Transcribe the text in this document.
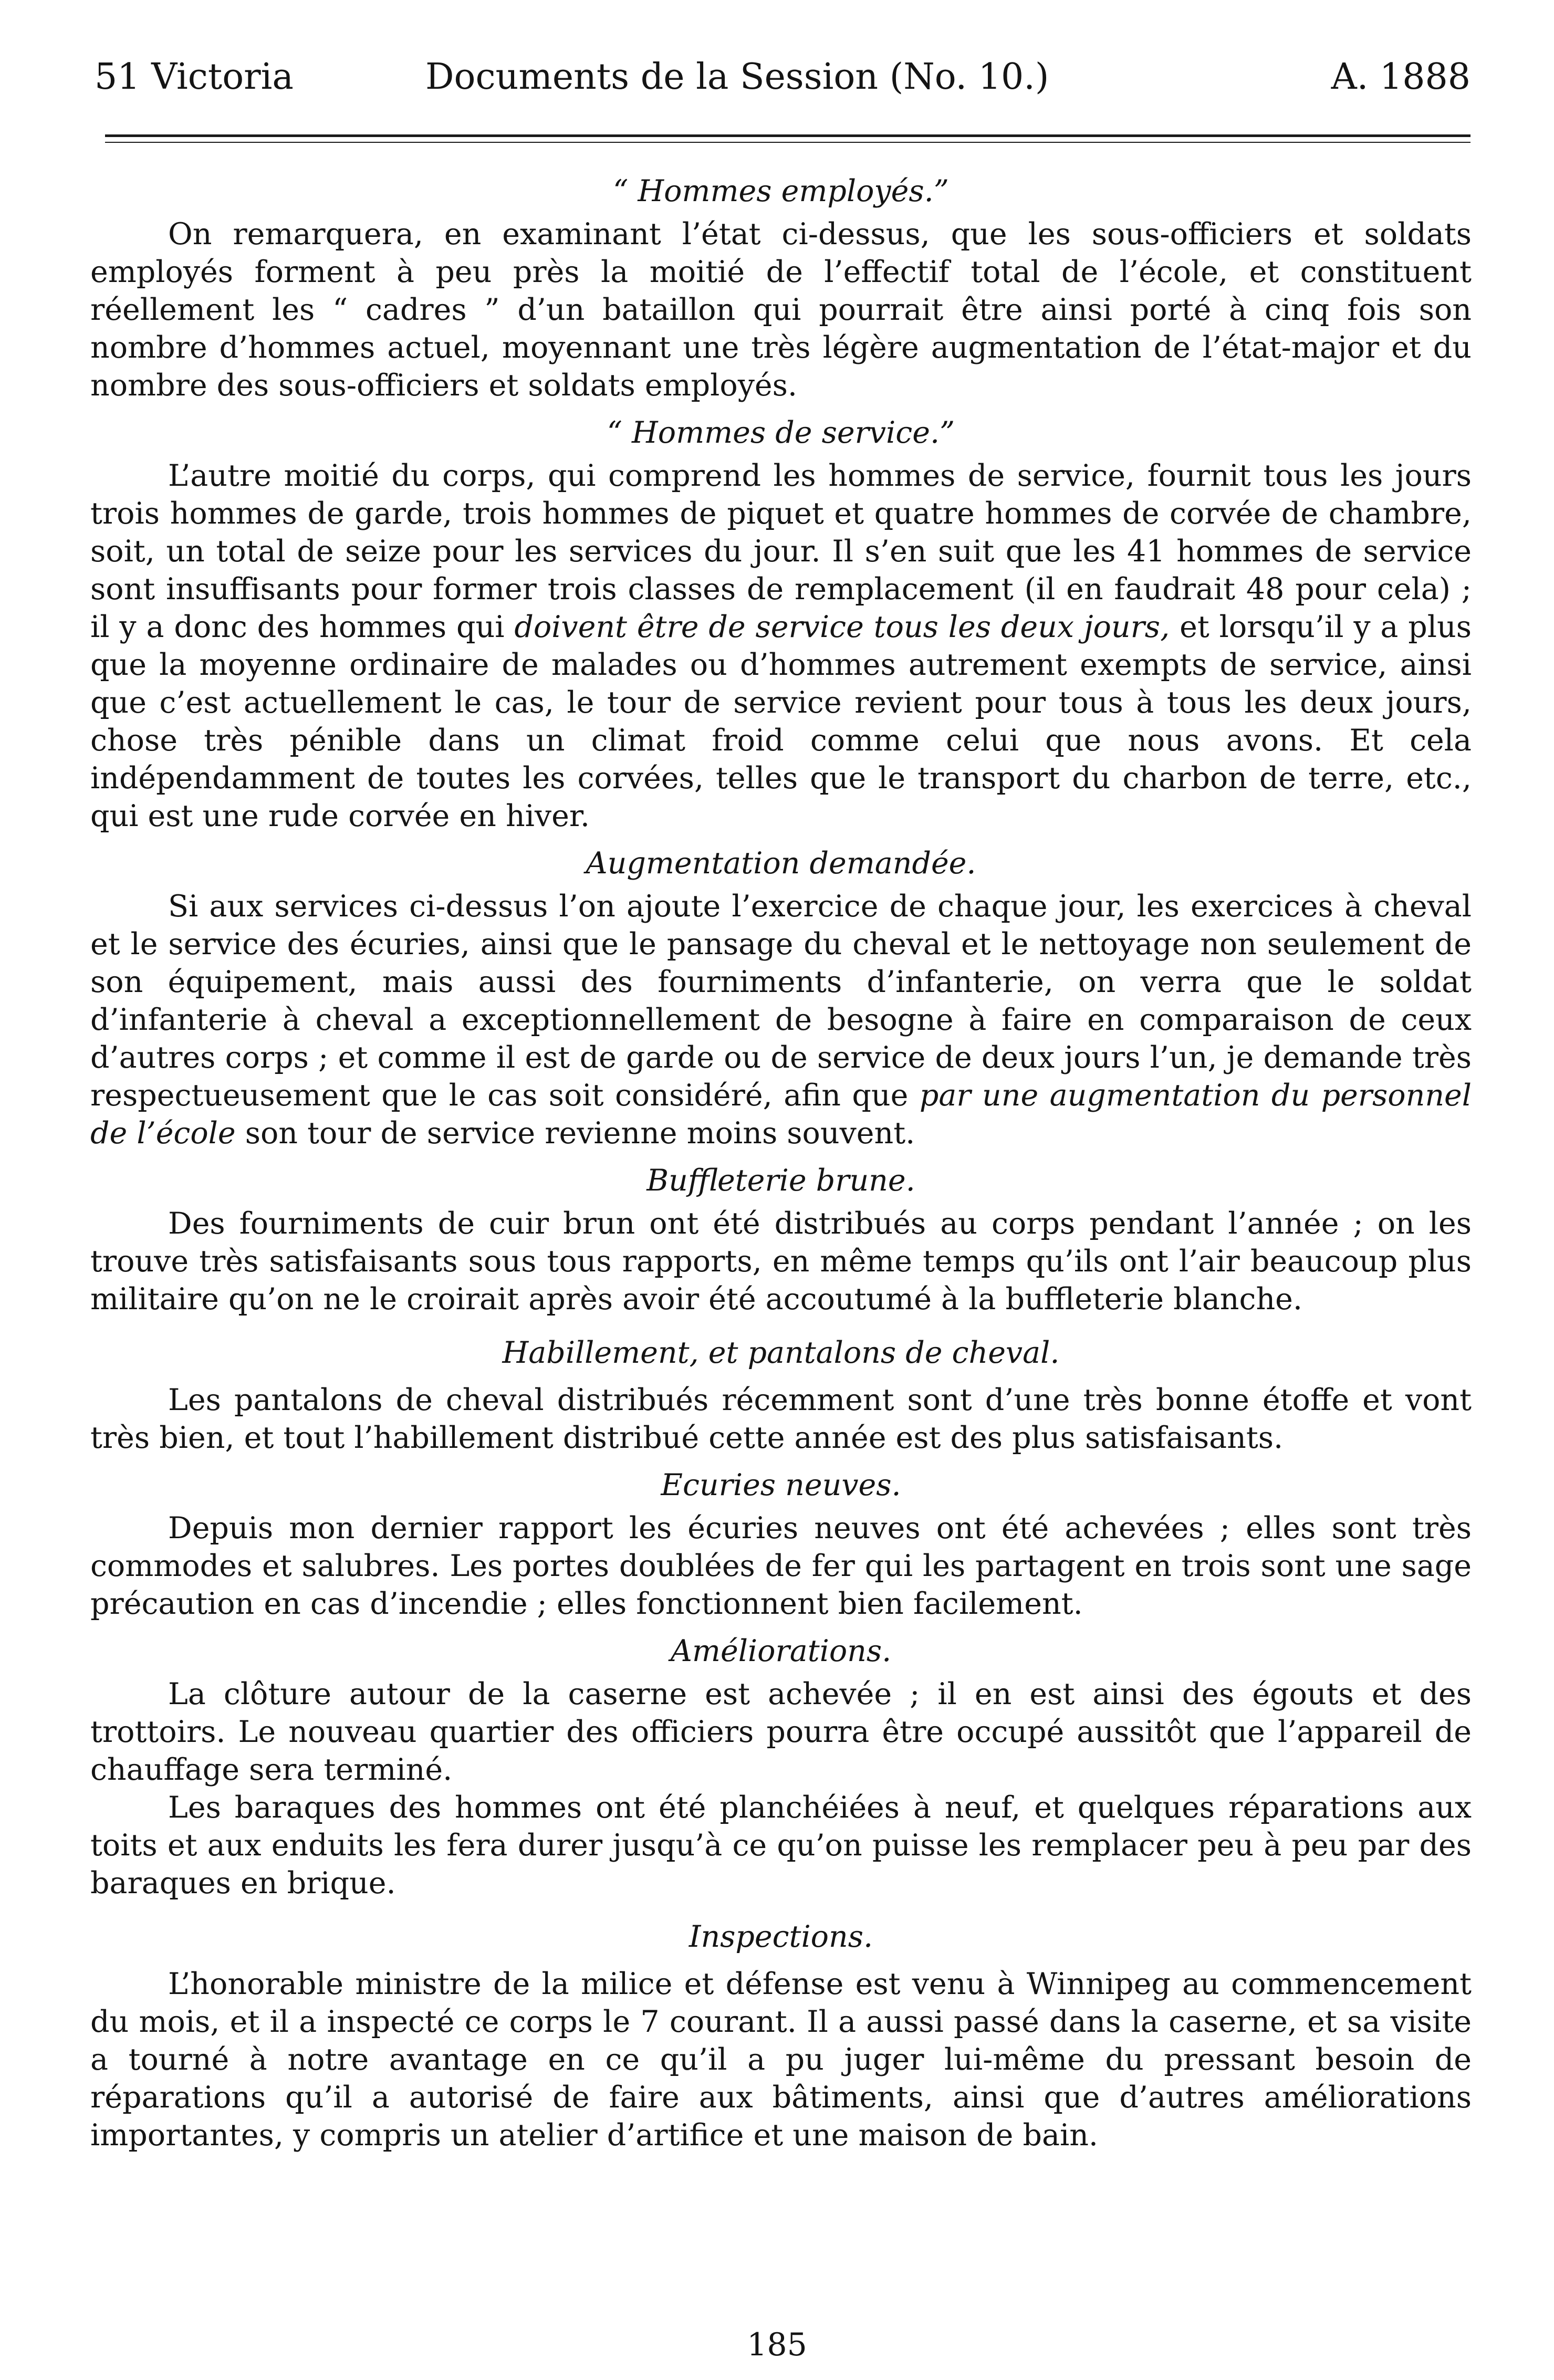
51 Victoria	Documents de la Session (No. 10.)	A. 1888
“ Hommes employés.”

On remarquera, en examinant l’état ci-dessus, que les sous-officiers et soldats employés forment à peu près la moitié de l’effectif total de l’école, et constituent réellement les “ cadres ” d’un bataillon qui pourrait être ainsi porté à cinq fois son nombre d’hommes actuel, moyennant une très légère augmentation de l’état-major et du nombre des sous-officiers et soldats employés.

“ Hommes de service.”

L’autre moitié du corps, qui comprend les hommes de service, fournit tous les jours trois hommes de garde, trois hommes de piquet et quatre hommes de corvée de chambre, soit, un total de seize pour les services du jour. Il s’en suit que les 41 hommes de service sont insuffisants pour former trois classes de remplacement (il en faudrait 48 pour cela) ; il y a donc des hommes qui doivent être de service tous les deux jours, et lorsqu’il y a plus que la moyenne ordinaire de malades ou d’hommes autrement exempts de service, ainsi que c’est actuellement le cas, le tour de service revient pour tous à tous les deux jours, chose très pénible dans un climat froid comme celui que nous avons. Et cela indépendamment de toutes les corvées, telles que le transport du charbon de terre, etc., qui est une rude corvée en hiver.

Augmentation demandée.

Si aux services ci-dessus l’on ajoute l’exercice de chaque jour, les exercices à cheval et le service des écuries, ainsi que le pansage du cheval et le nettoyage non seulement de son équipement, mais aussi des fourniments d’infanterie, on verra que le soldat d’infanterie à cheval a exceptionnellement de besogne à faire en comparaison de ceux d’autres corps ; et comme il est de garde ou de service de deux jours l’un, je demande très respectueusement que le cas soit considéré, afin que par une augmentation du personnel de l’école son tour de service revienne moins souvent.

Buffleterie brune.

Des fourniments de cuir brun ont été distribués au corps pendant l’année ; on les trouve très satisfaisants sous tous rapports, en même temps qu’ils ont l’air beaucoup plus militaire qu’on ne le croirait après avoir été accoutumé à la buffleterie blanche.

Habillement, et pantalons de cheval.

Les pantalons de cheval distribués récemment sont d’une très bonne étoffe et vont très bien, et tout l’habillement distribué cette année est des plus satisfaisants.

Ecuries neuves.

Depuis mon dernier rapport les écuries neuves ont été achevées ; elles sont très commodes et salubres. Les portes doublées de fer qui les partagent en trois sont une sage précaution en cas d’incendie ; elles fonctionnent bien facilement.

Améliorations.

La clôture autour de la caserne est achevée ; il en est ainsi des égouts et des trottoirs. Le nouveau quartier des officiers pourra être occupé aussitôt que l’appareil de chauffage sera terminé.

Les baraques des hommes ont été planchéiées à neuf, et quelques réparations aux toits et aux enduits les fera durer jusqu’à ce qu’on puisse les remplacer peu à peu par des baraques en brique.

Inspections.

L’honorable ministre de la milice et défense est venu à Winnipeg au commencement du mois, et il a inspecté ce corps le 7 courant. Il a aussi passé dans la caserne, et sa visite a tourné à notre avantage en ce qu’il a pu juger lui-même du pressant besoin de réparations qu’il a autorisé de faire aux bâtiments, ainsi que d’autres améliorations importantes, y compris un atelier d’artifice et une maison de bain.

185
